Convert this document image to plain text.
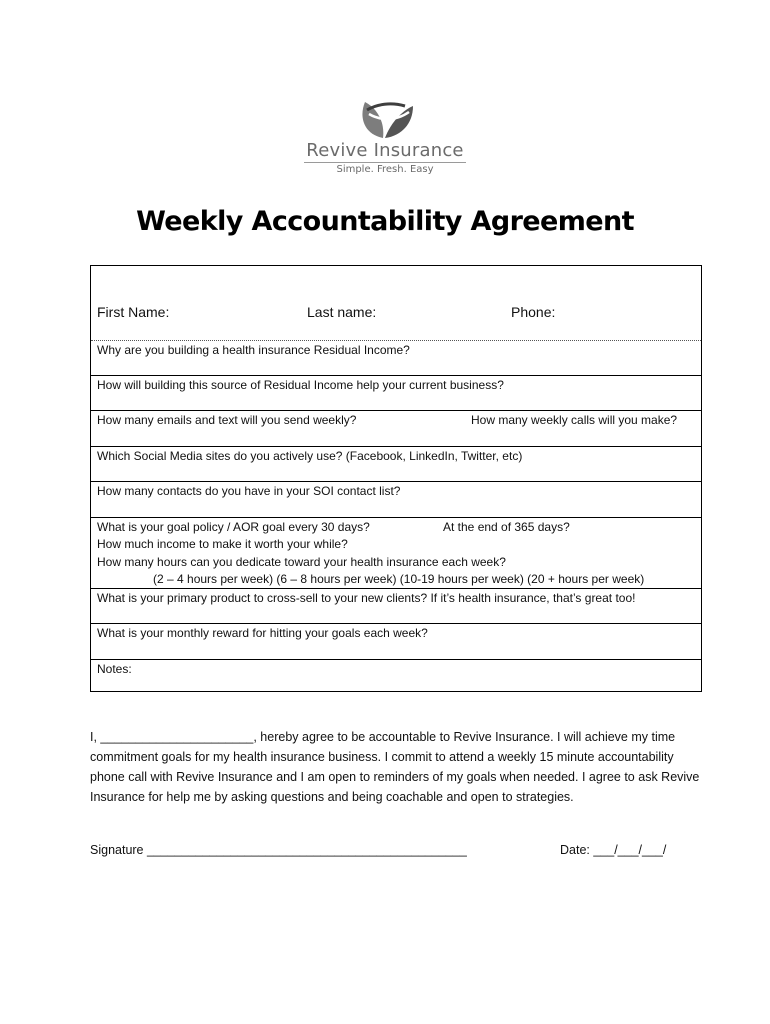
Revive Insurance
Simple. Fresh. Easy
Weekly Accountability Agreement
First Name:	Last name:	Phone:
Why are you building a health insurance Residual Income?
How will building this source of Residual Income help your current business?
How many emails and text will you send weekly?	How many weekly calls will you make?
Which Social Media sites do you actively use? (Facebook, LinkedIn, Twitter, etc)
How many contacts do you have in your SOI contact list?
What is your goal policy / AOR goal every 30 days?	At the end of 365 days?
How much income to make it worth your while?
How many hours can you dedicate toward your health insurance each week?
(2 – 4 hours per week) (6 – 8 hours per week) (10-19 hours per week) (20 + hours per week)
What is your primary product to cross-sell to your new clients? If it’s health insurance, that’s great too!
What is your monthly reward for hitting your goals each week?
Notes:
I, ______________________, hereby agree to be accountable to Revive Insurance. I will achieve my time commitment goals for my health insurance business. I commit to attend a weekly 15 minute accountability phone call with Revive Insurance and I am open to reminders of my goals when needed. I agree to ask Revive Insurance for help me by asking questions and being coachable and open to strategies.
Signature ______________________________________________	Date: ___/___/___/
